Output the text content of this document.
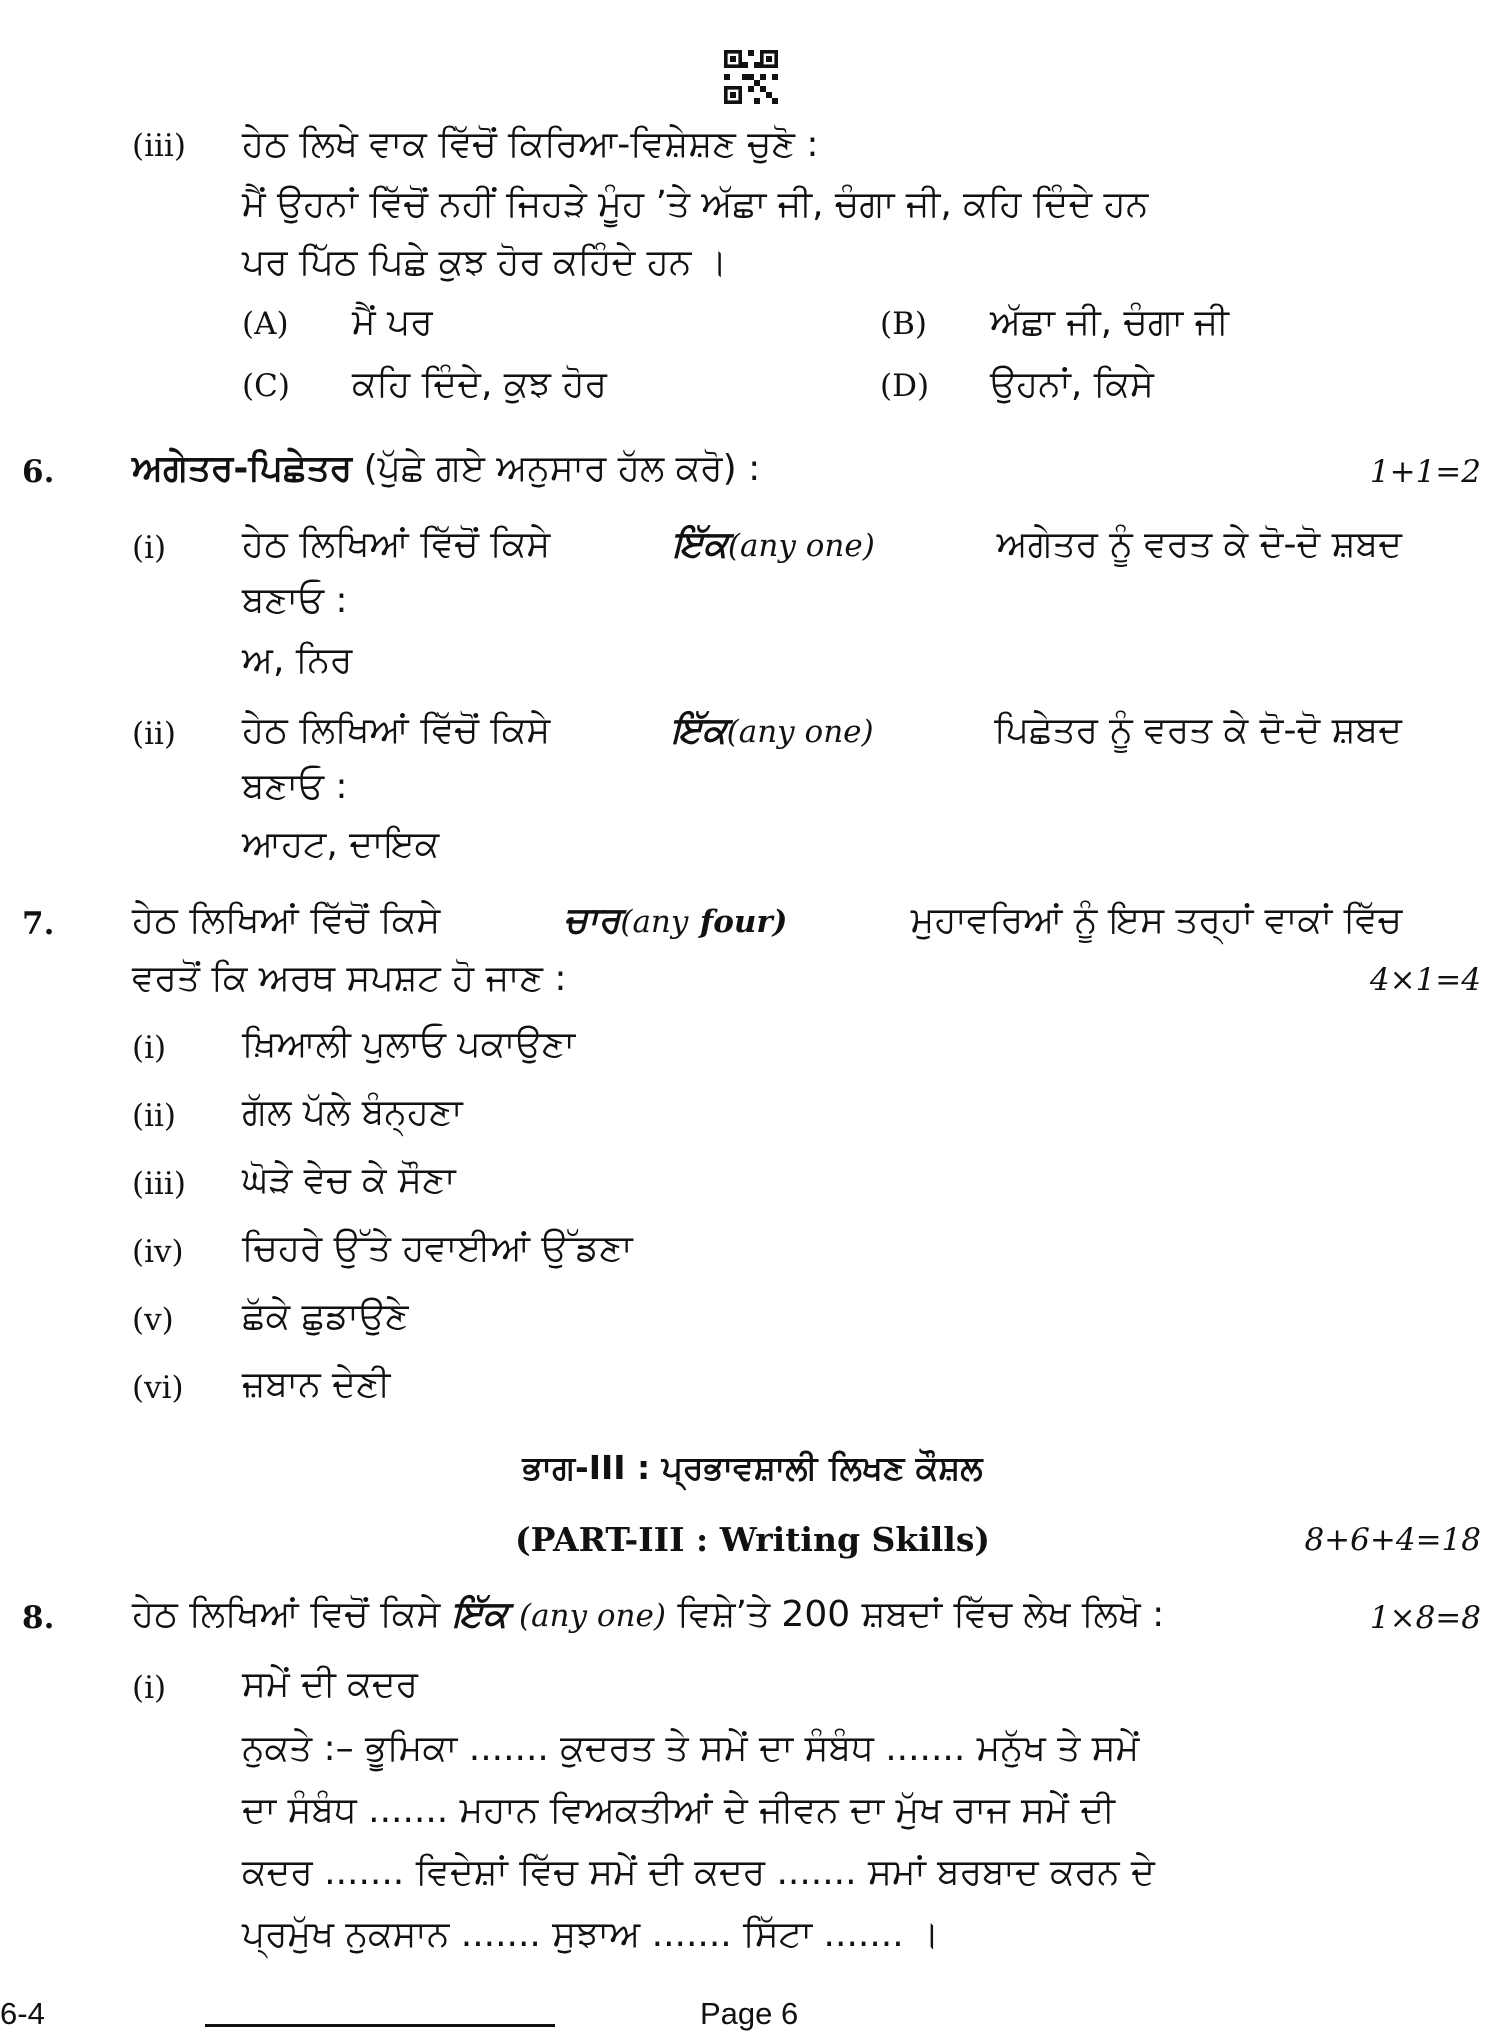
(iii) ਹੇਠ ਲਿਖੇ ਵਾਕ ਵਿੱਚੋਂ ਕਿਰਿਆ-ਵਿਸ਼ੇਸ਼ਣ ਚੁਣੋ :
ਮੈਂ ਉਹਨਾਂ ਵਿੱਚੋਂ ਨਹੀਂ ਜਿਹੜੇ ਮੂੰਹ ’ਤੇ ਅੱਛਾ ਜੀ, ਚੰਗਾ ਜੀ, ਕਹਿ ਦਿੰਦੇ ਹਨ
ਪਰ ਪਿੱਠ ਪਿਛੇ ਕੁਝ ਹੋਰ ਕਹਿੰਦੇ ਹਨ ।
(A) ਮੈਂ ਪਰ	(B) ਅੱਛਾ ਜੀ, ਚੰਗਾ ਜੀ
(C) ਕਹਿ ਦਿੰਦੇ, ਕੁਝ ਹੋਰ	(D) ਉਹਨਾਂ, ਕਿਸੇ
6. ਅਗੇਤਰ-ਪਿਛੇਤਰ (ਪੁੱਛੇ ਗਏ ਅਨੁਸਾਰ ਹੱਲ ਕਰੋ) :	1+1=2
(i) ਹੇਠ ਲਿਖਿਆਂ ਵਿੱਚੋਂ ਕਿਸੇ	ਇੱਕ(any one)	ਅਗੇਤਰ ਨੂੰ ਵਰਤ ਕੇ ਦੋ-ਦੋ ਸ਼ਬਦ
ਬਣਾਓ :
ਅ, ਨਿਰ
(ii) ਹੇਠ ਲਿਖਿਆਂ ਵਿੱਚੋਂ ਕਿਸੇ	ਇੱਕ(any one)	ਪਿਛੇਤਰ ਨੂੰ ਵਰਤ ਕੇ ਦੋ-ਦੋ ਸ਼ਬਦ
ਬਣਾਓ :
ਆਹਟ, ਦਾਇਕ
7. ਹੇਠ ਲਿਖਿਆਂ ਵਿੱਚੋਂ ਕਿਸੇ	ਚਾਰ(any four)	ਮੁਹਾਵਰਿਆਂ ਨੂੰ ਇਸ ਤਰ੍ਹਾਂ ਵਾਕਾਂ ਵਿੱਚ
ਵਰਤੋਂ ਕਿ ਅਰਥ ਸਪਸ਼ਟ ਹੋ ਜਾਣ :	4×1=4
(i) ਖ਼ਿਆਲੀ ਪੁਲਾਓ ਪਕਾਉਣਾ
(ii) ਗੱਲ ਪੱਲੇ ਬੰਨ੍ਹਣਾ
(iii) ਘੋੜੇ ਵੇਚ ਕੇ ਸੌਣਾ
(iv) ਚਿਹਰੇ ਉੱਤੇ ਹਵਾਈਆਂ ਉੱਡਣਾ
(v) ਛੱਕੇ ਛੁਡਾਉਣੇ
(vi) ਜ਼ਬਾਨ ਦੇਣੀ
ਭਾਗ-III : ਪ੍ਰਭਾਵਸ਼ਾਲੀ ਲਿਖਣ ਕੌਸ਼ਲ
(PART-III : Writing Skills)	8+6+4=18
8. ਹੇਠ ਲਿਖਿਆਂ ਵਿਚੋਂ ਕਿਸੇ ਇੱਕ (any one) ਵਿਸ਼ੇ’ਤੇ 200 ਸ਼ਬਦਾਂ ਵਿੱਚ ਲੇਖ ਲਿਖੋ :	1×8=8
(i) ਸਮੇਂ ਦੀ ਕਦਰ
ਨੁਕਤੇ :– ਭੂਮਿਕਾ ....... ਕੁਦਰਤ ਤੇ ਸਮੇਂ ਦਾ ਸੰਬੰਧ ....... ਮਨੁੱਖ ਤੇ ਸਮੇਂ
ਦਾ ਸੰਬੰਧ ....... ਮਹਾਨ ਵਿਅਕਤੀਆਂ ਦੇ ਜੀਵਨ ਦਾ ਮੁੱਖ ਰਾਜ ਸਮੇਂ ਦੀ
ਕਦਰ ....... ਵਿਦੇਸ਼ਾਂ ਵਿੱਚ ਸਮੇਂ ਦੀ ਕਦਰ ....... ਸਮਾਂ ਬਰਬਾਦ ਕਰਨ ਦੇ
ਪ੍ਰਮੁੱਖ ਨੁਕਸਾਨ ....... ਸੁਝਾਅ ....... ਸਿੱਟਾ ....... ।
6-4	Page 6
